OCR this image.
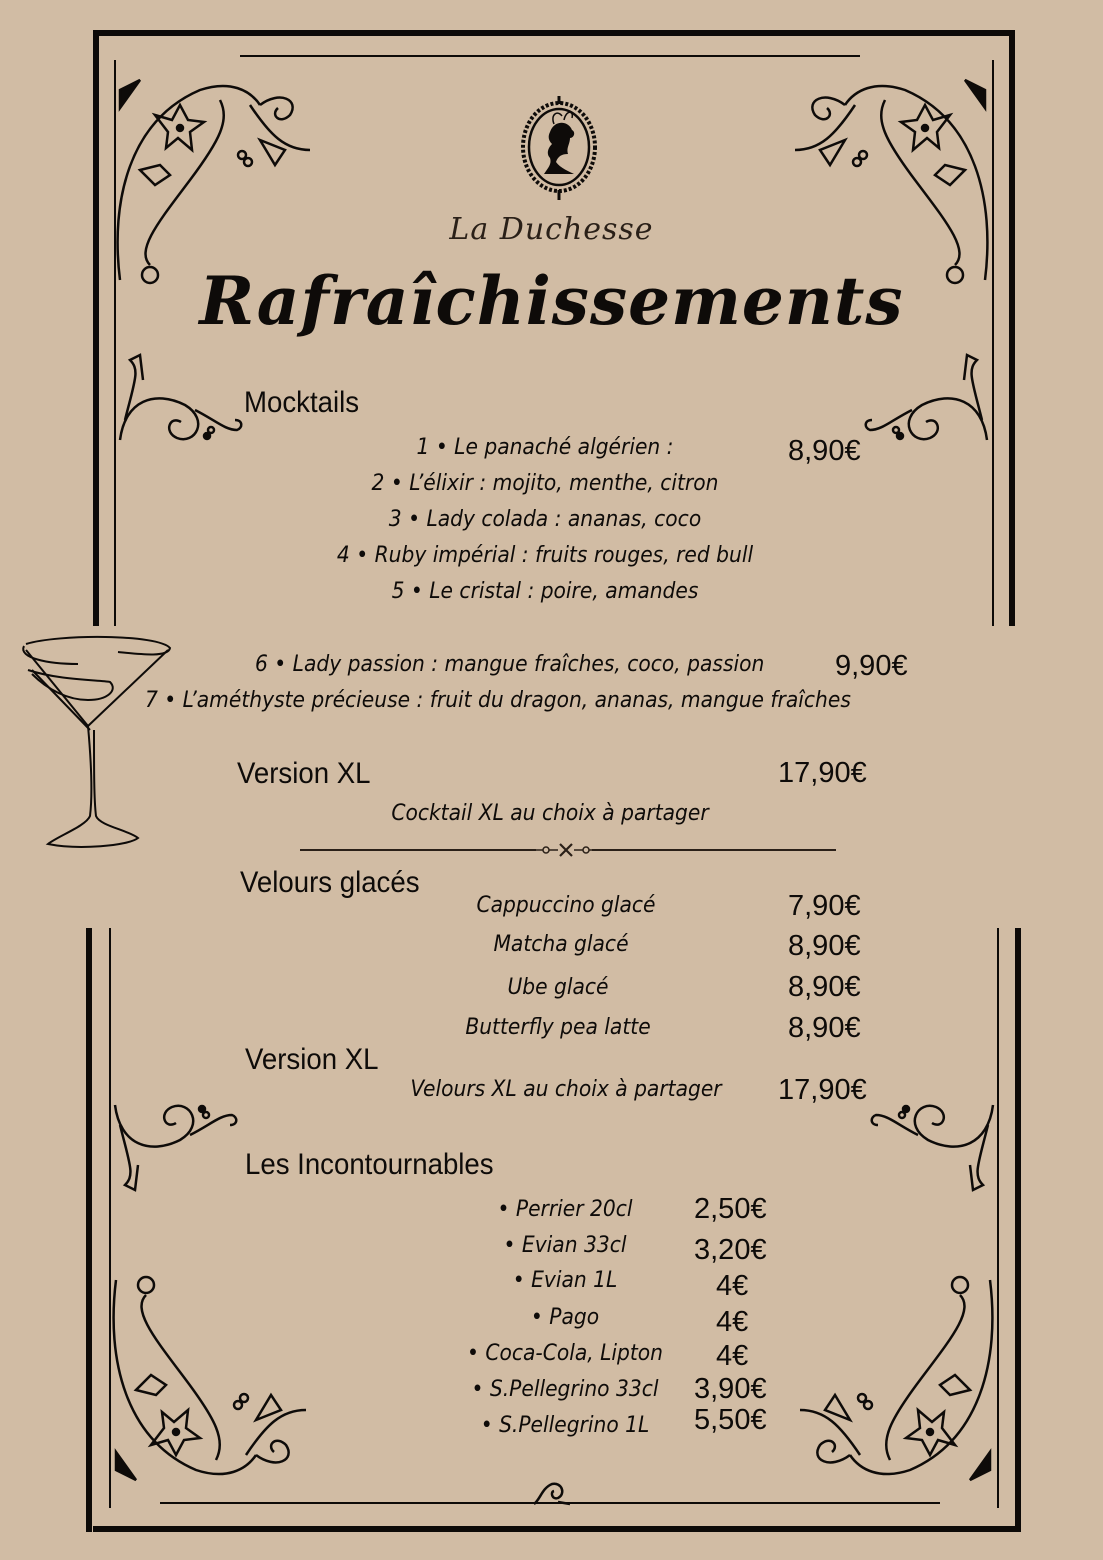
La Duchesse
Rafraîchissements
Mocktails
1 • Le panaché algérien :	8,90€
2 • L’élixir : mojito, menthe, citron
3 • Lady colada : ananas, coco
4 • Ruby impérial : fruits rouges, red bull
5 • Le cristal : poire, amandes
6 • Lady passion : mangue fraîches, coco, passion 9,90€
7 • L’améthyste précieuse : fruit du dragon, ananas, mangue fraîches
Version XL	17,90€
Cocktail XL au choix à partager
Velours glacés
Cappuccino glacé	7,90€
Matcha glacé	8,90€
Ube glacé	8,90€
Butterfly pea latte	8,90€
Version XL
Velours XL au choix à partager	17,90€
Les Incontournables
• Perrier 20cl	2,50€
• Evian 33cl	3,20€
• Evian 1L	4€
• Pago	4€
• Coca-Cola, Lipton	4€
• S.Pellegrino 33cl	3,90€
• S.Pellegrino 1L	5,50€
